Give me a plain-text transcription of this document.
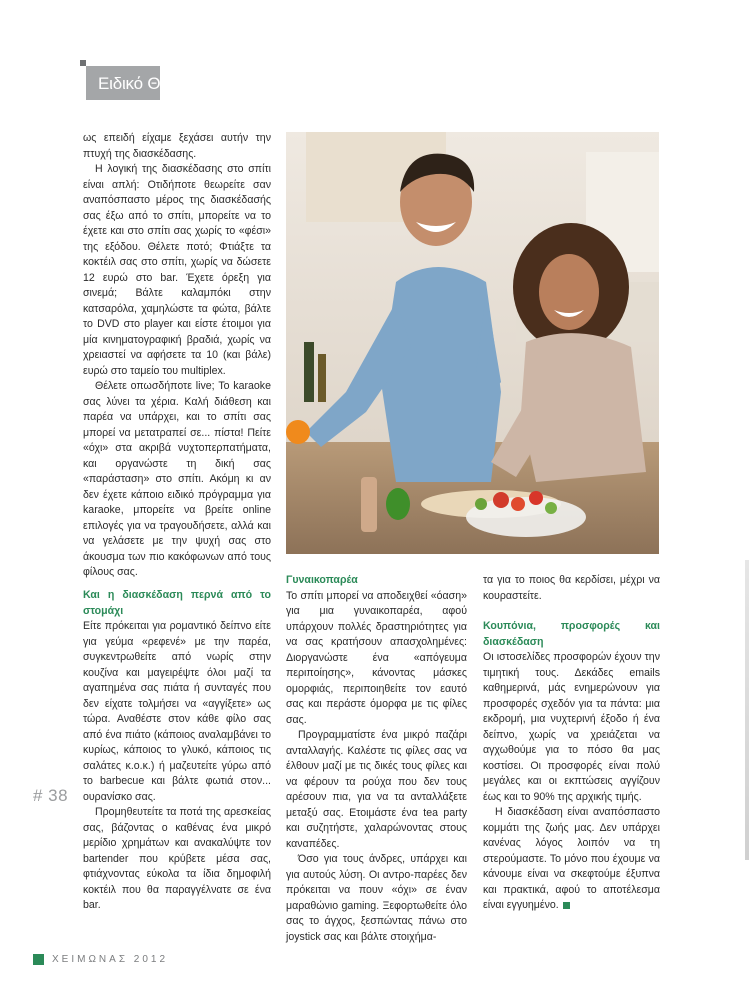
Ειδικό Θέμα

ως επειδή είχαμε ξεχάσει αυτήν την πτυχή της διασκέδασης.

Η λογική της διασκέδασης στο σπίτι είναι απλή: Οτιδήποτε θεωρείτε σαν αναπόσπαστο μέρος της διασκέδασής σας έξω από το σπίτι, μπορείτε να το έχετε και στο σπίτι σας χωρίς το «φέσι» της εξόδου. Θέλετε ποτό; Φτιάξτε τα κοκτέιλ σας στο σπίτι, χωρίς να δώσετε 12 ευρώ στο bar. Έχετε όρεξη για σινεμά; Βάλτε καλαμπόκι στην κατσαρόλα, χαμηλώστε τα φώτα, βάλτε το DVD στο player και είστε έτοιμοι για μία κινηματογραφική βραδιά, χωρίς να χρειαστεί να αφήσετε τα 10 (και βάλε) ευρώ στο ταμείο του multiplex.

Θέλετε οπωσδήποτε live; Το karaoke σας λύνει τα χέρια. Καλή διάθεση και παρέα να υπάρχει, και το σπίτι σας μπορεί να μετατραπεί σε... πίστα! Πείτε «όχι» στα ακριβά νυχτοπερπατήματα, και οργανώστε τη δική σας «παράσταση» στο σπίτι. Ακόμη κι αν δεν έχετε κάποιο ειδικό πρόγραμμα για karaoke, μπορείτε να βρείτε online επιλογές για να τραγουδήσετε, αλλά και να γελάσετε με την ψυχή σας στο άκουσμα των πιο κακόφωνων από τους φίλους σας.

Και η διασκέδαση περνά από το στομάχι

Είτε πρόκειται για ρομαντικό δείπνο είτε για γεύμα «ρεφενέ» με την παρέα, συγκεντρωθείτε από νωρίς στην κουζίνα και μαγειρέψτε όλοι μαζί τα αγαπημένα σας πιάτα ή συνταγές που δεν είχατε τολμήσει να «αγγίξετε» ως τώρα. Αναθέστε στον κάθε φίλο σας από ένα πιάτο (κάποιος αναλαμβάνει το κυρίως, κάποιος το γλυκό, κάποιος τις σαλάτες κ.ο.κ.) ή μαζευτείτε γύρω από το barbecue και βάλτε φωτιά στον... ουρανίσκο σας.

Προμηθευτείτε τα ποτά της αρεσκείας σας, βάζοντας ο καθένας ένα μικρό μερίδιο χρημάτων και ανακαλύψτε τον bartender που κρύβετε μέσα σας, φτιάχνοντας εύκολα τα ίδια δημοφιλή κοκτέιλ που θα παραγγέλνατε σε ένα bar.

Γυναικοπαρέα

Το σπίτι μπορεί να αποδειχθεί «όαση» για μια γυναικοπαρέα, αφού υπάρχουν πολλές δραστηριότητες για να σας κρατήσουν απασχολημένες: Διοργανώστε ένα «απόγευμα περιποίησης», κάνοντας μάσκες ομορφιάς, περιποιηθείτε τον εαυτό σας και περάστε όμορφα με τις φίλες σας.

Προγραμματίστε ένα μικρό παζάρι ανταλλαγής. Καλέστε τις φίλες σας να έλθουν μαζί με τις δικές τους φίλες και να φέρουν τα ρούχα που δεν τους αρέσουν πια, για να τα ανταλλάξετε μεταξύ σας. Ετοιμάστε ένα tea party και συζητήστε, χαλαρώνοντας στους καναπέδες.

Όσο για τους άνδρες, υπάρχει και για αυτούς λύση. Οι αντρο-παρέες δεν πρόκειται να πουν «όχι» σε έναν μαραθώνιο gaming. Ξεφορτωθείτε όλο σας το άγχος, ξεσπώντας πάνω στο joystick σας και βάλτε στοιχήμα-

τα για το ποιος θα κερδίσει, μέχρι να κουραστείτε.

Κουπόνια, προσφορές και διασκέδαση

Οι ιστοσελίδες προσφορών έχουν την τιμητική τους. Δεκάδες emails καθημερινά, μάς ενημερώνουν για προσφορές σχεδόν για τα πάντα: μια εκδρομή, μια νυχτερινή έξοδο ή ένα δείπνο, χωρίς να χρειάζεται να αγχωθούμε για το πόσο θα μας κοστίσει. Οι προσφορές είναι πολύ μεγάλες και οι εκπτώσεις αγγίζουν έως και το 90% της αρχικής τιμής.

Η διασκέδαση είναι αναπόσπαστο κομμάτι της ζωής μας. Δεν υπάρχει κανένας λόγος λοιπόν να τη στερούμαστε. Το μόνο που έχουμε να κάνουμε είναι να σκεφτούμε έξυπνα και πρακτικά, αφού το αποτέλεσμα είναι εγγυημένο.

# 38
ΧΕΙΜΩΝΑΣ 2012
